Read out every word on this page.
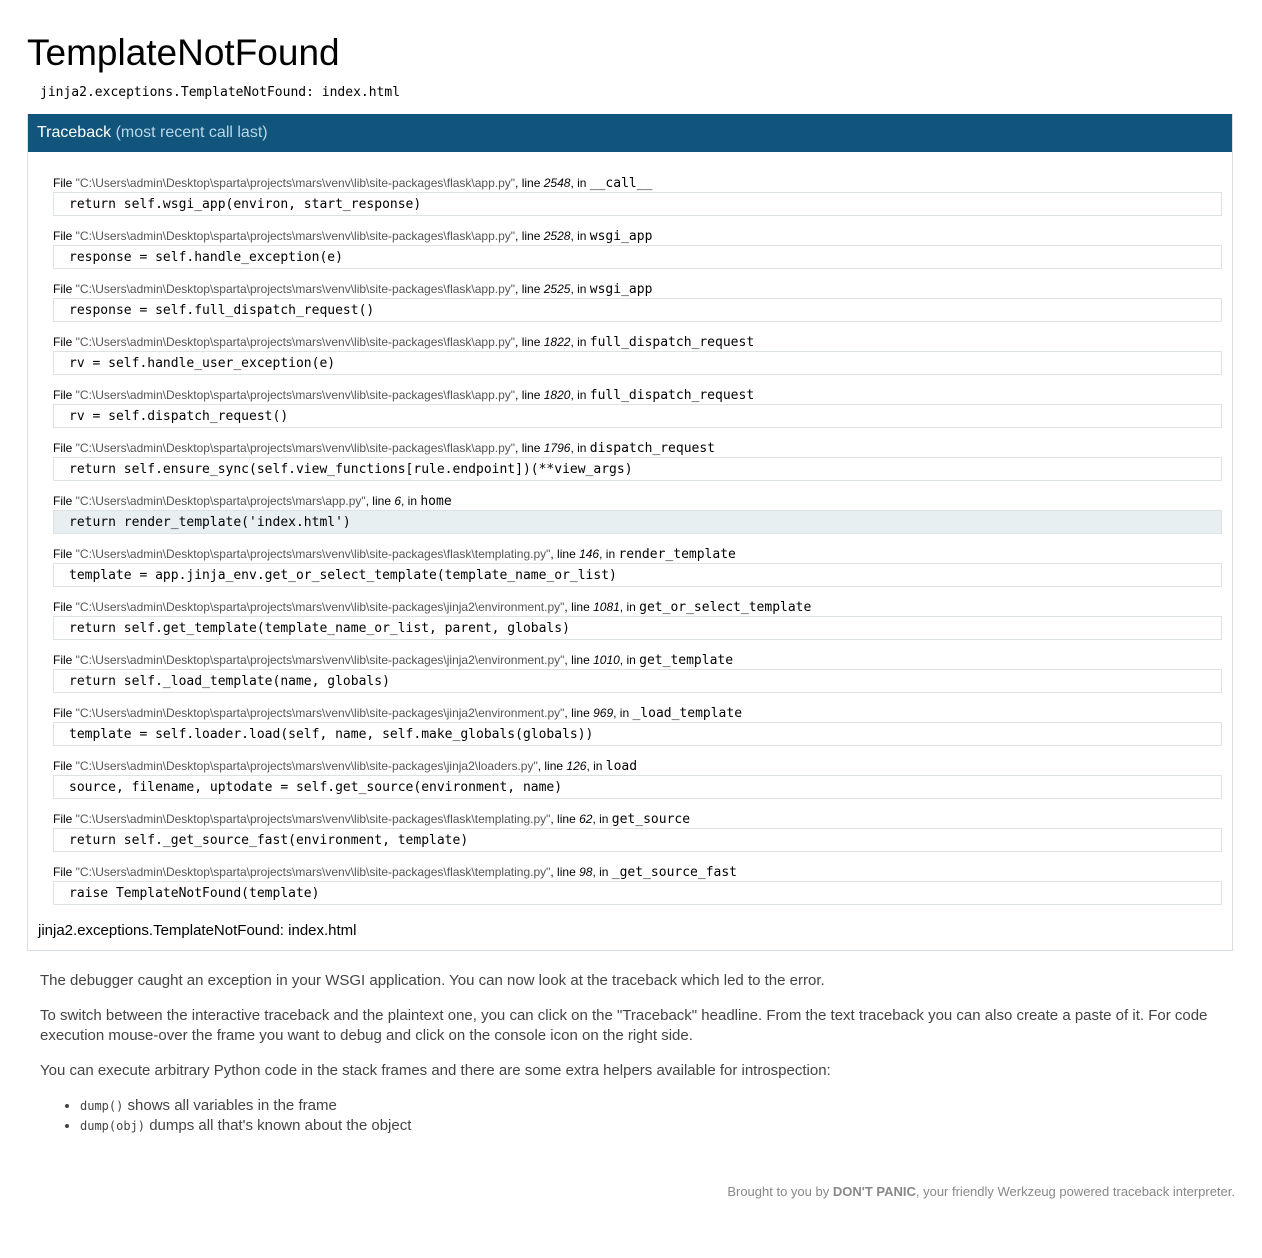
TemplateNotFound
jinja2.exceptions.TemplateNotFound: index.html
Traceback (most recent call last)
File "C:\Users\admin\Desktop\sparta\projects\mars\venv\lib\site-packages\flask\app.py", line 2548, in __call__
return self.wsgi_app(environ, start_response)
File "C:\Users\admin\Desktop\sparta\projects\mars\venv\lib\site-packages\flask\app.py", line 2528, in wsgi_app
response = self.handle_exception(e)
File "C:\Users\admin\Desktop\sparta\projects\mars\venv\lib\site-packages\flask\app.py", line 2525, in wsgi_app
response = self.full_dispatch_request()
File "C:\Users\admin\Desktop\sparta\projects\mars\venv\lib\site-packages\flask\app.py", line 1822, in full_dispatch_request
rv = self.handle_user_exception(e)
File "C:\Users\admin\Desktop\sparta\projects\mars\venv\lib\site-packages\flask\app.py", line 1820, in full_dispatch_request
rv = self.dispatch_request()
File "C:\Users\admin\Desktop\sparta\projects\mars\venv\lib\site-packages\flask\app.py", line 1796, in dispatch_request
return self.ensure_sync(self.view_functions[rule.endpoint])(**view_args)
File "C:\Users\admin\Desktop\sparta\projects\mars\app.py", line 6, in home
return render_template('index.html')
File "C:\Users\admin\Desktop\sparta\projects\mars\venv\lib\site-packages\flask\templating.py", line 146, in render_template
template = app.jinja_env.get_or_select_template(template_name_or_list)
File "C:\Users\admin\Desktop\sparta\projects\mars\venv\lib\site-packages\jinja2\environment.py", line 1081, in get_or_select_template
return self.get_template(template_name_or_list, parent, globals)
File "C:\Users\admin\Desktop\sparta\projects\mars\venv\lib\site-packages\jinja2\environment.py", line 1010, in get_template
return self._load_template(name, globals)
File "C:\Users\admin\Desktop\sparta\projects\mars\venv\lib\site-packages\jinja2\environment.py", line 969, in _load_template
template = self.loader.load(self, name, self.make_globals(globals))
File "C:\Users\admin\Desktop\sparta\projects\mars\venv\lib\site-packages\jinja2\loaders.py", line 126, in load
source, filename, uptodate = self.get_source(environment, name)
File "C:\Users\admin\Desktop\sparta\projects\mars\venv\lib\site-packages\flask\templating.py", line 62, in get_source
return self._get_source_fast(environment, template)
File "C:\Users\admin\Desktop\sparta\projects\mars\venv\lib\site-packages\flask\templating.py", line 98, in _get_source_fast
raise TemplateNotFound(template)
jinja2.exceptions.TemplateNotFound: index.html

The debugger caught an exception in your WSGI application. You can now look at the traceback which led to the error.

To switch between the interactive traceback and the plaintext one, you can click on the "Traceback" headline. From the text traceback you can also create a paste of it. For code execution mouse-over the frame you want to debug and click on the console icon on the right side.

You can execute arbitrary Python code in the stack frames and there are some extra helpers available for introspection:

• dump() shows all variables in the frame
• dump(obj) dumps all that's known about the object
Brought to you by DON'T PANIC, your friendly Werkzeug powered traceback interpreter.
